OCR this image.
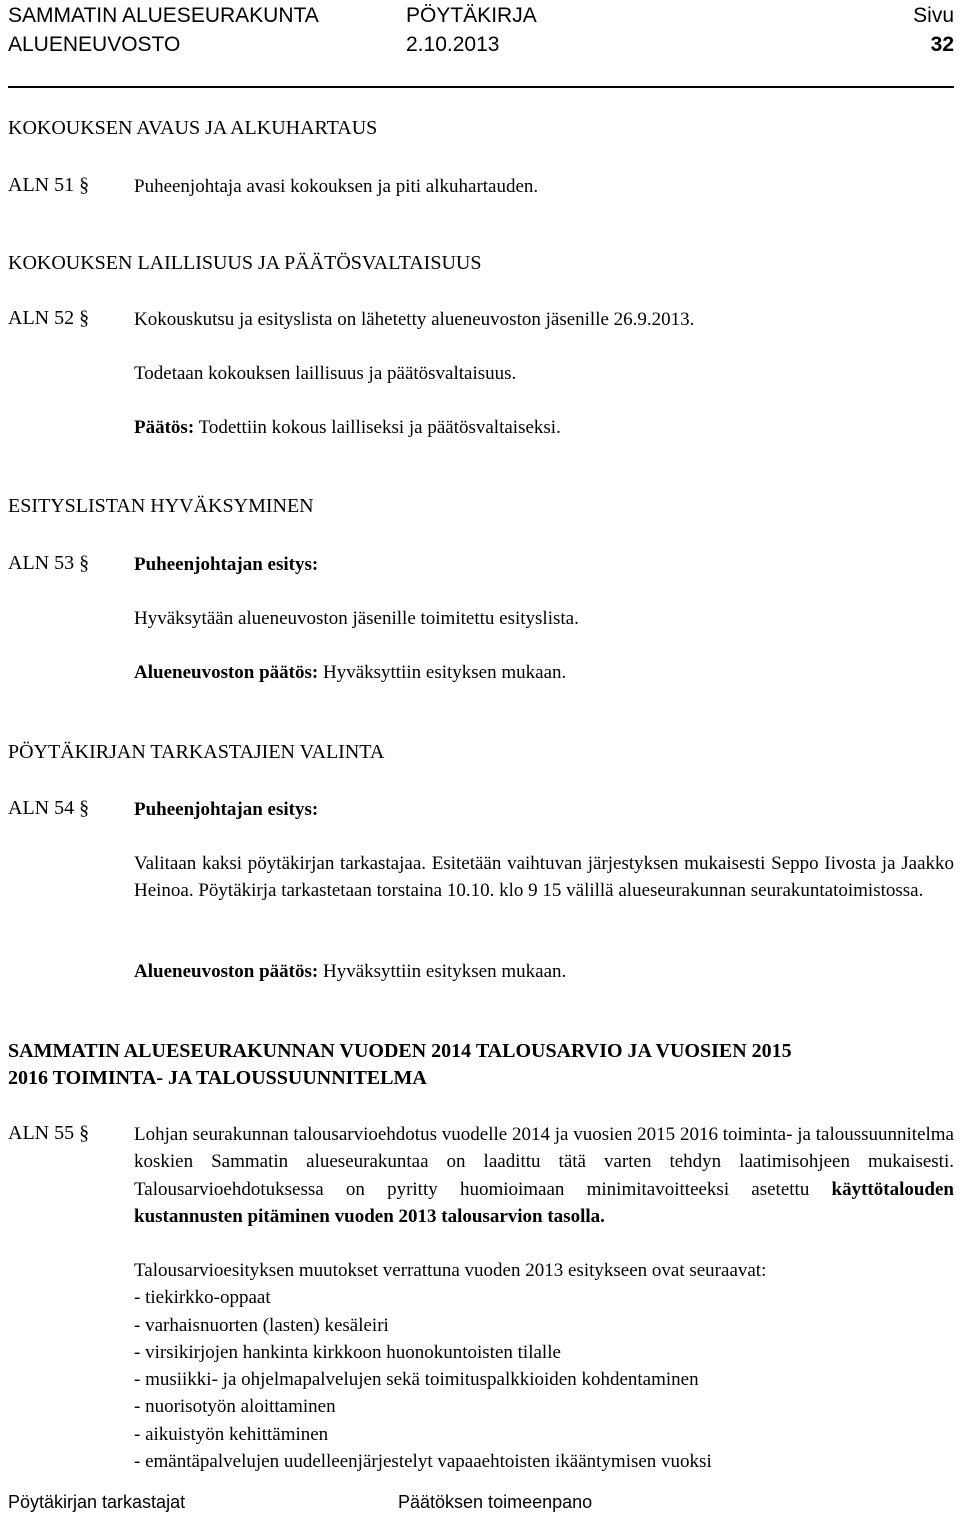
SAMMATIN ALUESEURAKUNTA	PÖYTÄKIRJA	Sivu
ALUENEUVOSTO	2.10.2013	32
KOKOUKSEN AVAUS JA ALKUHARTAUS
ALN 51 § Puheenjohtaja avasi kokouksen ja piti alkuhartauden.
KOKOUKSEN LAILLISUUS JA PÄÄTÖSVALTAISUUS
ALN 52 § Kokouskutsu ja esityslista on lähetetty alueneuvoston jäsenille 26.9.2013.
Todetaan kokouksen laillisuus ja päätösvaltaisuus.
Päätös: Todettiin kokous lailliseksi ja päätösvaltaiseksi.
ESITYSLISTAN HYVÄKSYMINEN
ALN 53 § Puheenjohtajan esitys:
Hyväksytään alueneuvoston jäsenille toimitettu esityslista.
Alueneuvoston päätös: Hyväksyttiin esityksen mukaan.
PÖYTÄKIRJAN TARKASTAJIEN VALINTA
ALN 54 § Puheenjohtajan esitys:
Valitaan kaksi pöytäkirjan tarkastajaa. Esitetään vaihtuvan järjestyksen mukaisesti Seppo Iivosta ja Jaakko Heinoa. Pöytäkirja tarkastetaan torstaina 10.10. klo 9 15 välillä alueseurakunnan seurakuntatoimistossa.
Alueneuvoston päätös: Hyväksyttiin esityksen mukaan.
SAMMATIN ALUESEURAKUNNAN VUODEN 2014 TALOUSARVIO JA VUOSIEN 2015
2016 TOIMINTA- JA TALOUSSUUNNITELMA
ALN 55 § Lohjan seurakunnan talousarvioehdotus vuodelle 2014 ja vuosien 2015 2016 toiminta- ja taloussuunnitelma koskien Sammatin alueseurakuntaa on laadittu tätä varten tehdyn laatimisohjeen mukaisesti. Talousarvioehdotuksessa on pyritty huomioimaan minimitavoitteeksi asetettu käyttötalouden kustannusten pitäminen vuoden 2013 talousarvion tasolla.
Talousarvioesityksen muutokset verrattuna vuoden 2013 esitykseen ovat seuraavat:
- tiekirkko-oppaat
- varhaisnuorten (lasten) kesäleiri
- virsikirjojen hankinta kirkkoon huonokuntoisten tilalle
- musiikki- ja ohjelmapalvelujen sekä toimituspalkkioiden kohdentaminen
- nuorisotyön aloittaminen
- aikuistyön kehittäminen
- emäntäpalvelujen uudelleenjärjestelyt vapaaehtoisten ikääntymisen vuoksi
Pöytäkirjan tarkastajat	Päätöksen toimeenpano
